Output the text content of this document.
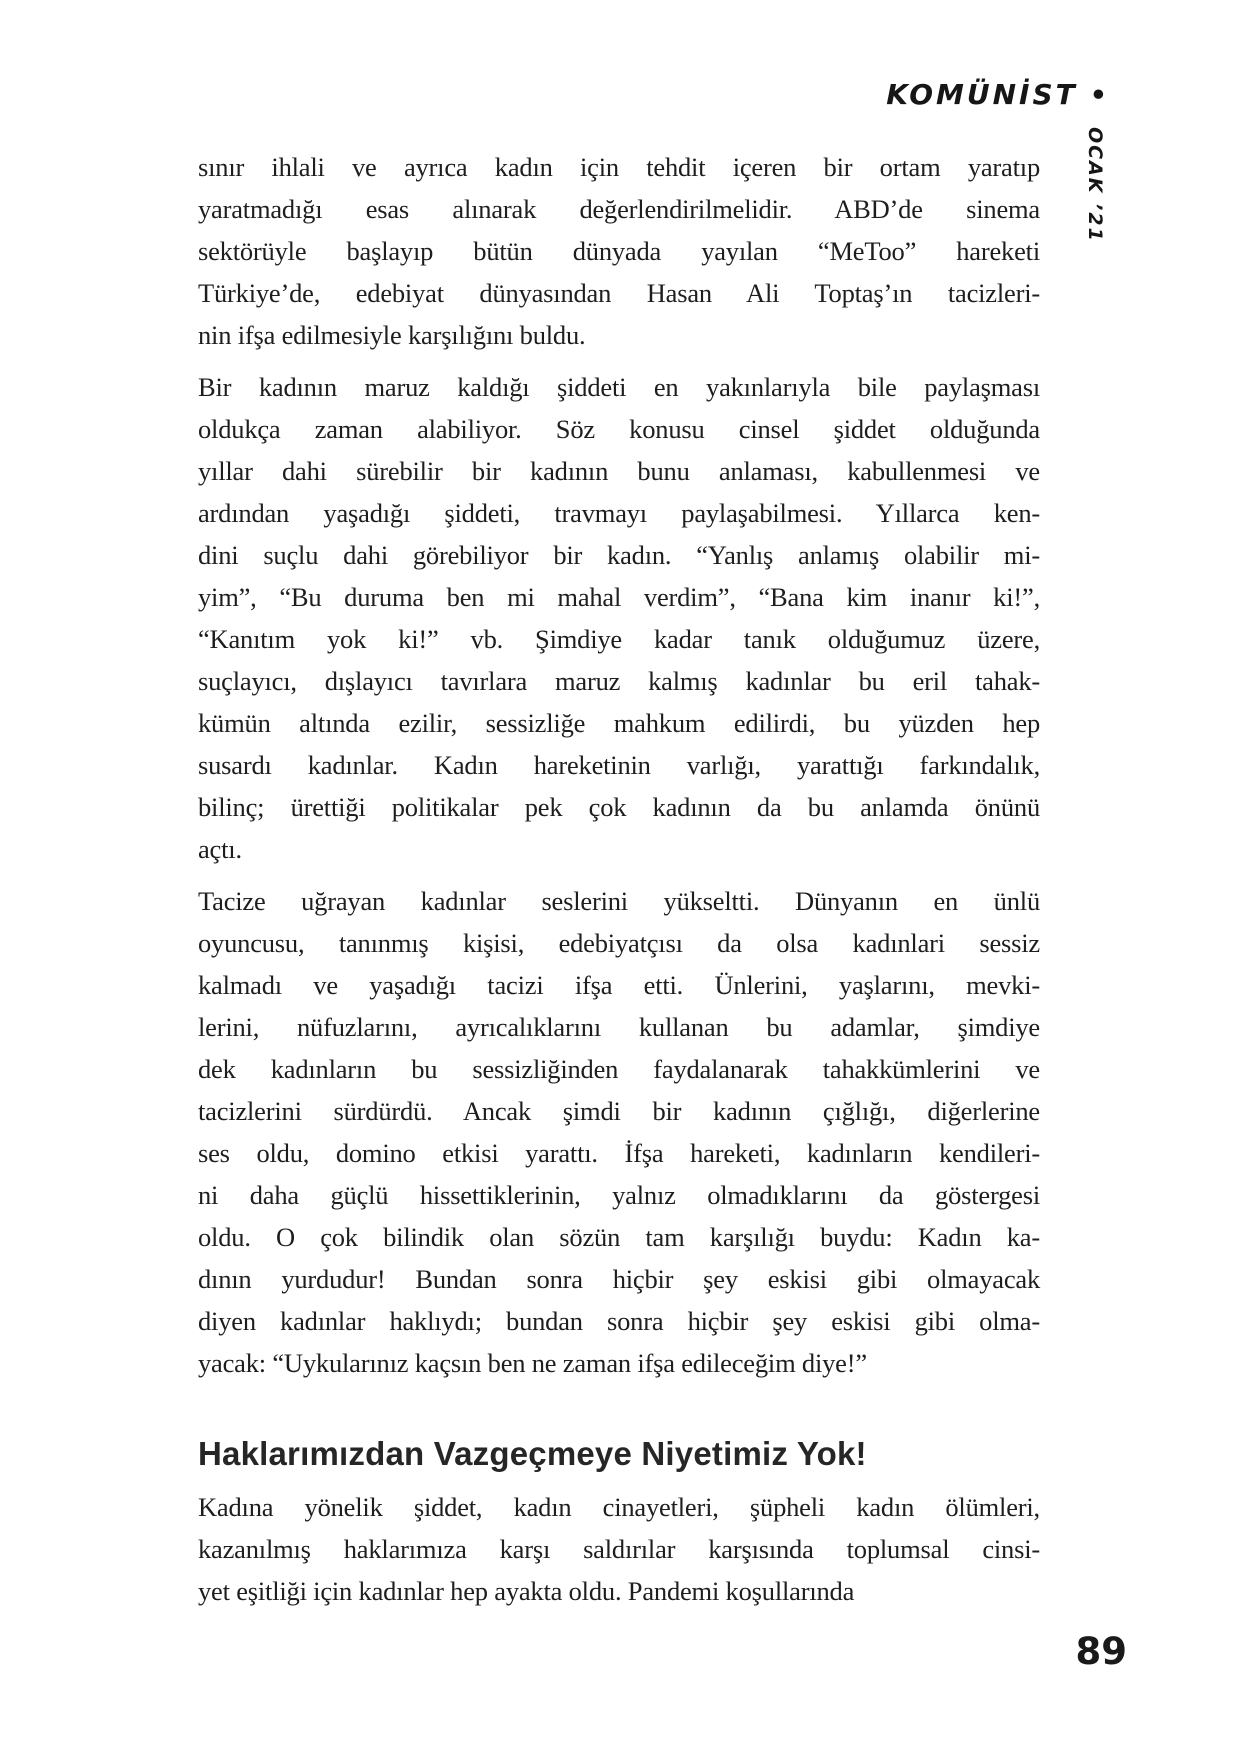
KOMÜNİST •
OCAK ’21
sınır ihlali ve ayrıca kadın için tehdit içeren bir ortam yaratıp
yaratmadığı esas alınarak değerlendirilmelidir. ABD’de sinema
sektörüyle başlayıp bütün dünyada yayılan “MeToo” hareketi
Türkiye’de, edebiyat dünyasından Hasan Ali Toptaş’ın tacizleri-
nin ifşa edilmesiyle karşılığını buldu.
Bir kadının maruz kaldığı şiddeti en yakınlarıyla bile paylaşması
oldukça zaman alabiliyor. Söz konusu cinsel şiddet olduğunda
yıllar dahi sürebilir bir kadının bunu anlaması, kabullenmesi ve
ardından yaşadığı şiddeti, travmayı paylaşabilmesi. Yıllarca ken-
dini suçlu dahi görebiliyor bir kadın. “Yanlış anlamış olabilir mi-
yim”, “Bu duruma ben mi mahal verdim”, “Bana kim inanır ki!”,
“Kanıtım yok ki!” vb. Şimdiye kadar tanık olduğumuz üzere,
suçlayıcı, dışlayıcı tavırlara maruz kalmış kadınlar bu eril tahak-
kümün altında ezilir, sessizliğe mahkum edilirdi, bu yüzden hep
susardı kadınlar. Kadın hareketinin varlığı, yarattığı farkındalık,
bilinç; ürettiği politikalar pek çok kadının da bu anlamda önünü
açtı.
Tacize uğrayan kadınlar seslerini yükseltti. Dünyanın en ünlü
oyuncusu, tanınmış kişisi, edebiyatçısı da olsa kadınlari sessiz
kalmadı ve yaşadığı tacizi ifşa etti. Ünlerini, yaşlarını, mevki-
lerini, nüfuzlarını, ayrıcalıklarını kullanan bu adamlar, şimdiye
dek kadınların bu sessizliğinden faydalanarak tahakkümlerini ve
tacizlerini sürdürdü. Ancak şimdi bir kadının çığlığı, diğerlerine
ses oldu, domino etkisi yarattı. İfşa hareketi, kadınların kendileri-
ni daha güçlü hissettiklerinin, yalnız olmadıklarını da göstergesi
oldu. O çok bilindik olan sözün tam karşılığı buydu: Kadın ka-
dının yurdudur! Bundan sonra hiçbir şey eskisi gibi olmayacak
diyen kadınlar haklıydı; bundan sonra hiçbir şey eskisi gibi olma-
yacak: “Uykularınız kaçsın ben ne zaman ifşa edileceğim diye!”
Haklarımızdan Vazgeçmeye Niyetimiz Yok!
Kadına yönelik şiddet, kadın cinayetleri, şüpheli kadın ölümleri,
kazanılmış haklarımıza karşı saldırılar karşısında toplumsal cinsi-
yet eşitliği için kadınlar hep ayakta oldu. Pandemi koşullarında
89
